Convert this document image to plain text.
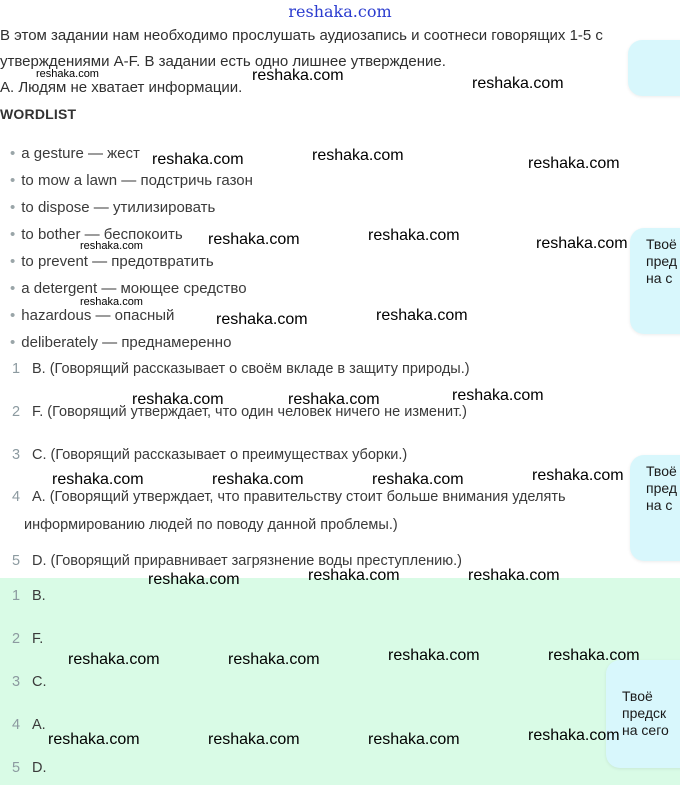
reshaka.com
В этом задании нам необходимо прослушать аудиозапись и соотнеси говорящих 1-5 с
утверждениями A-F. В задании есть одно лишнее утверждение.
A. Людям не хватает информации.
WORDLIST
• a gesture — жест
• to mow a lawn — подстричь газон
• to dispose — утилизировать
• to bother — беспокоить
• to prevent — предотвратить
• a detergent — моющее средство
• hazardous — опасный
• deliberately — преднамеренно
1 B. (Говорящий рассказывает о своём вкладе в защиту природы.)
2 F. (Говорящий утверждает, что один человек ничего не изменит.)
3 C. (Говорящий рассказывает о преимуществах уборки.)
4 A. (Говорящий утверждает, что правительству стоит больше внимания уделять
информированию людей по поводу данной проблемы.)
5 D. (Говорящий приравнивает загрязнение воды преступлению.)
1 B.
2 F.
3 C.
4 A.
5 D.
Твоё
пред
на с
Твоё
пред
на с
Твоё
предск
на сего
reshaka.com	reshaka.com	reshaka.com
reshaka.com	reshaka.com	reshaka.com
reshaka.com	reshaka.com	reshaka.com	reshaka.com
reshaka.com
reshaka.com	reshaka.com
reshaka.com	reshaka.com	reshaka.com
reshaka.com	reshaka.com	reshaka.com	reshaka.com
reshaka.com	reshaka.com	reshaka.com
reshaka.com	reshaka.com	reshaka.com	reshaka.com
reshaka.com	reshaka.com	reshaka.com	reshaka.com
